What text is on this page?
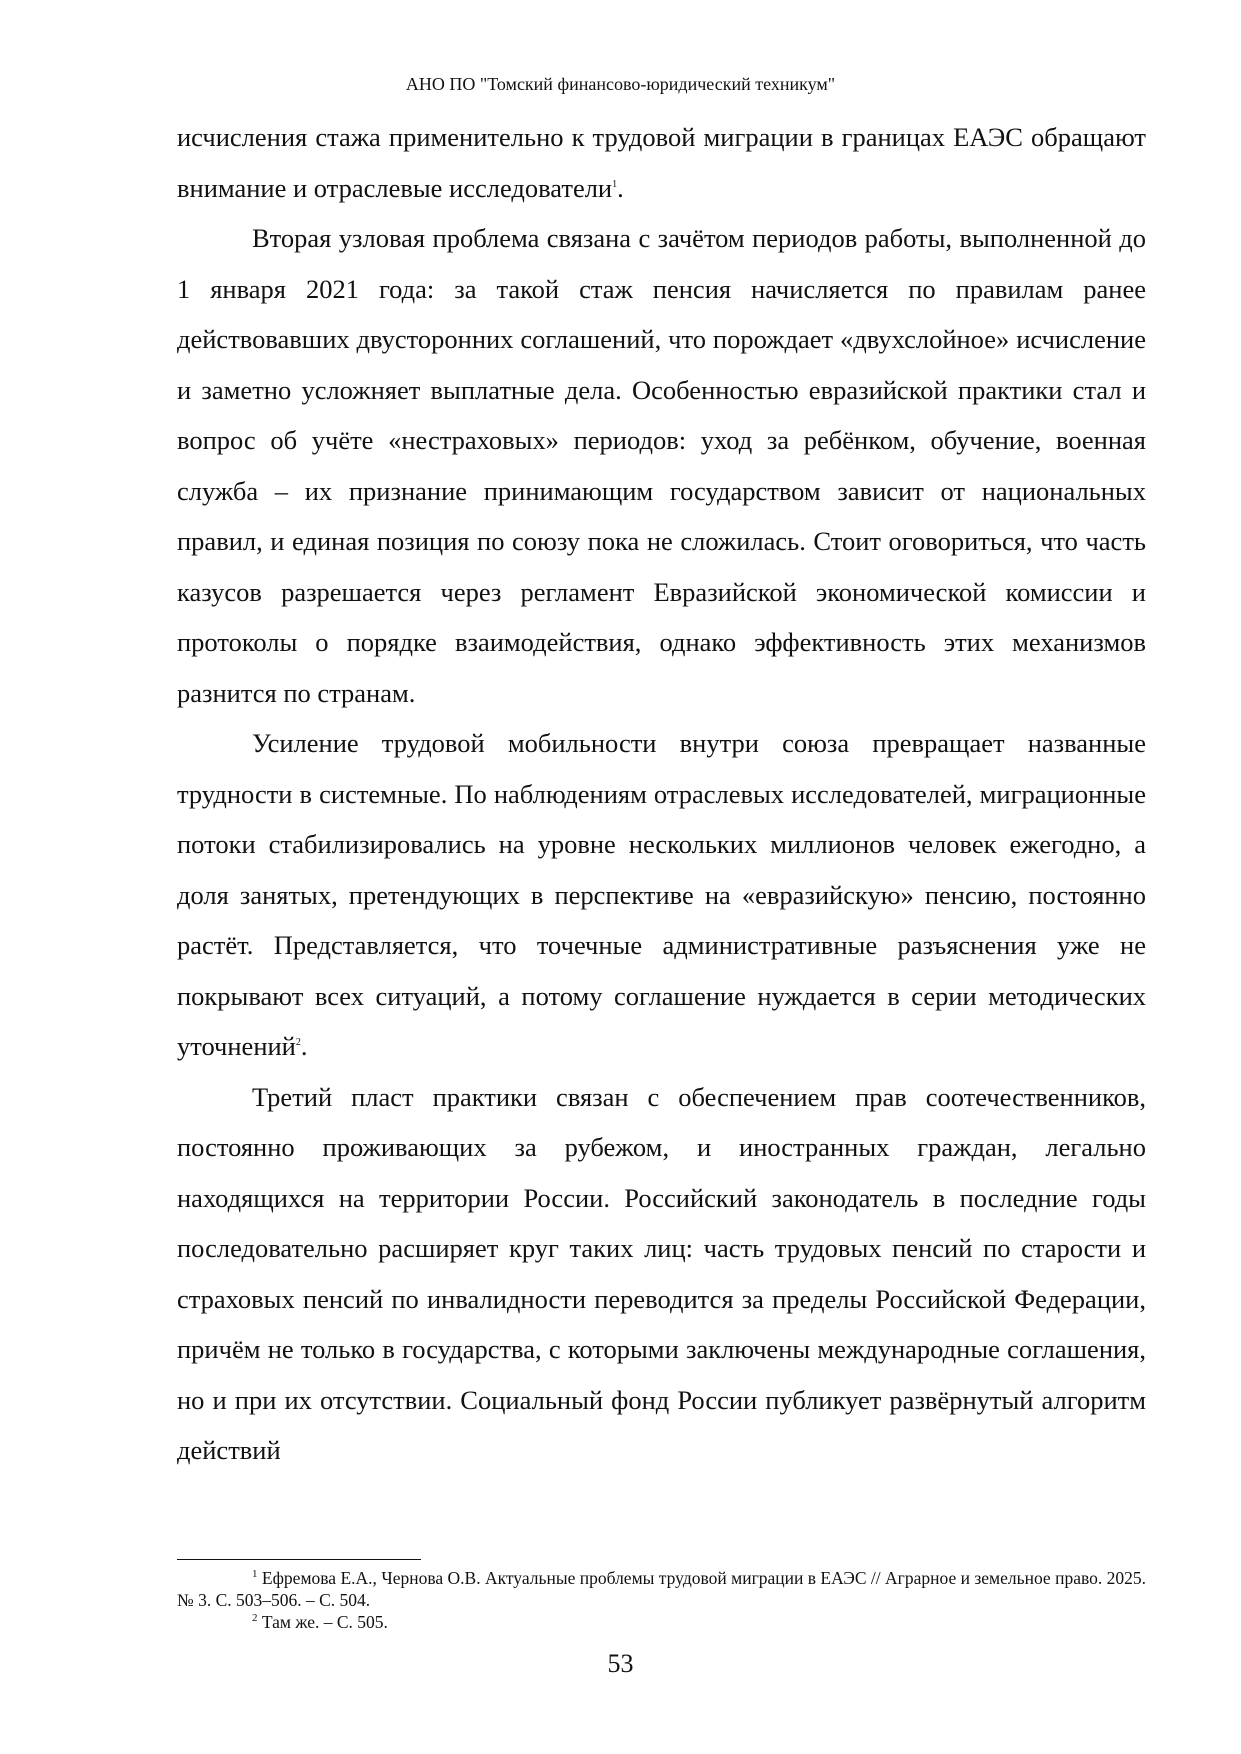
АНО ПО "Томский финансово-юридический техникум"

исчисления стажа применительно к трудовой миграции в границах ЕАЭС обращают внимание и отраслевые исследователи$^1$.

Вторая узловая проблема связана с зачётом периодов работы, выполненной до 1 января 2021 года: за такой стаж пенсия начисляется по правилам ранее действовавших двусторонних соглашений, что порождает «двухслойное» исчисление и заметно усложняет выплатные дела. Особенностью евразийской практики стал и вопрос об учёте «нестраховых» периодов: уход за ребёнком, обучение, военная служба – их признание принимающим государством зависит от национальных правил, и единая позиция по союзу пока не сложилась. Стоит оговориться, что часть казусов разрешается через регламент Евразийской экономической комиссии и протоколы о порядке взаимодействия, однако эффективность этих механизмов разнится по странам.

Усиление трудовой мобильности внутри союза превращает названные трудности в системные. По наблюдениям отраслевых исследователей, миграционные потоки стабилизировались на уровне нескольких миллионов человек ежегодно, а доля занятых, претендующих в перспективе на «евразийскую» пенсию, постоянно растёт. Представляется, что точечные административные разъяснения уже не покрывают всех ситуаций, а потому соглашение нуждается в серии методических уточнений$^2$.

Третий пласт практики связан с обеспечением прав соотечественников, постоянно проживающих за рубежом, и иностранных граждан, легально находящихся на территории России. Российский законодатель в последние годы последовательно расширяет круг таких лиц: часть трудовых пенсий по старости и страховых пенсий по инвалидности переводится за пределы Российской Федерации, причём не только в государства, с которыми заключены международные соглашения, но и при их отсутствии. Социальный фонд России публикует развёрнутый алгоритм действий

$^1$ Ефремова Е.А., Чернова О.В. Актуальные проблемы трудовой миграции в ЕАЭС // Аграрное и земельное право. 2025. № 3. С. 503–506. – С. 504.

$^2$ Там же. – С. 505.

53
